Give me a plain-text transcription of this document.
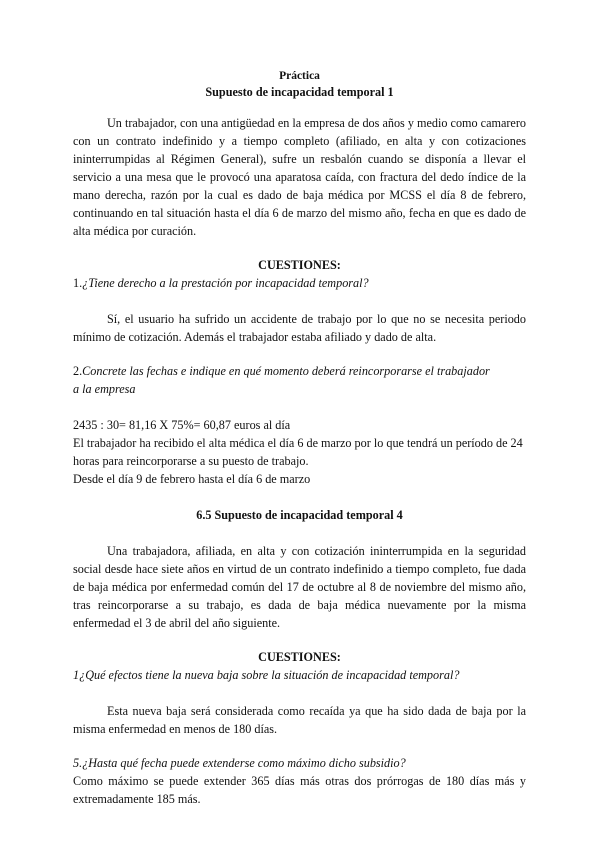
Práctica
Supuesto de incapacidad temporal 1

Un trabajador, con una antigüedad en la empresa de dos años y medio como camarero con un contrato indefinido y a tiempo completo (afiliado, en alta y con cotizaciones ininterrumpidas al Régimen General), sufre un resbalón cuando se disponía a llevar el servicio a una mesa que le provocó una aparatosa caída, con fractura del dedo índice de la mano derecha, razón por la cual es dado de baja médica por MCSS el día 8 de febrero, continuando en tal situación hasta el día 6 de marzo del mismo año, fecha en que es dado de alta médica por curación.

CUESTIONES:

1.¿Tiene derecho a la prestación por incapacidad temporal?

Sí, el usuario ha sufrido un accidente de trabajo por lo que no se necesita periodo mínimo de cotización. Además el trabajador estaba afiliado y dado de alta.

2.Concrete las fechas e indique en qué momento deberá reincorporarse el trabajador

a la empresa

2435 : 30= 81,16 X 75%= 60,87 euros al día

El trabajador ha recibido el alta médica el día 6 de marzo por lo que tendrá un período de 24 horas para reincorporarse a su puesto de trabajo.

Desde el día 9 de febrero hasta el día 6 de marzo

6.5 Supuesto de incapacidad temporal 4

Una trabajadora, afiliada, en alta y con cotización ininterrumpida en la seguridad social desde hace siete años en virtud de un contrato indefinido a tiempo completo, fue dada de baja médica por enfermedad común del 17 de octubre al 8 de noviembre del mismo año, tras reincorporarse a su trabajo, es dada de baja médica nuevamente por la misma enfermedad el 3 de abril del año siguiente.

CUESTIONES:

1¿Qué efectos tiene la nueva baja sobre la situación de incapacidad temporal?

Esta nueva baja será considerada como recaída ya que ha sido dada de baja por la misma enfermedad en menos de 180 días.

5.¿Hasta qué fecha puede extenderse como máximo dicho subsidio?

Como máximo se puede extender 365 días más otras dos prórrogas de 180 días más y extremadamente 185 más.
